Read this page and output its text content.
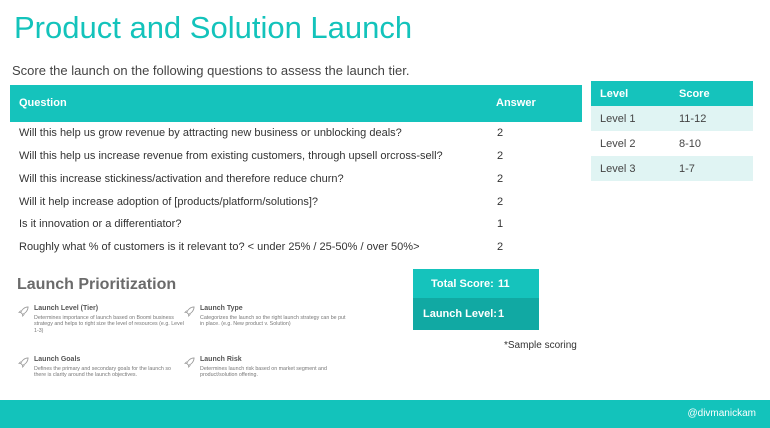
Product and Solution Launch
Score the launch on the following questions to assess the launch tier.
Question	Answer
Will this help us grow revenue by attracting new business or unblocking deals?	2
Will this help us increase revenue from existing customers, through upsell orcross-sell?	2
Will this increase stickiness/activation and therefore reduce churn?	2
Will it help increase adoption of [products/platform/solutions]?	2
Is it innovation or a differentiator?	1
Roughly what % of customers is it relevant to? < under 25% / 25-50% / over 50%>	2
Level	Score
Level 1	11-12
Level 2	8-10
Level 3	1-7
Launch Prioritization
Launch Level (Tier)
Determines importance of launch based on Boomi business strategy and helps to right size the level of resources (e.g. Level 1-3)
Launch Type
Categorizes the launch so the right launch strategy can be put in place. (e.g. New product v. Solution)
Launch Goals
Defines the primary and secondary goals for the launch so there is clarity around the launch objectives.
Launch Risk
Determines launch risk based on market segment and product/solution offering.
Total Score: 11
Launch Level: 1
*Sample scoring
@divmanickam
